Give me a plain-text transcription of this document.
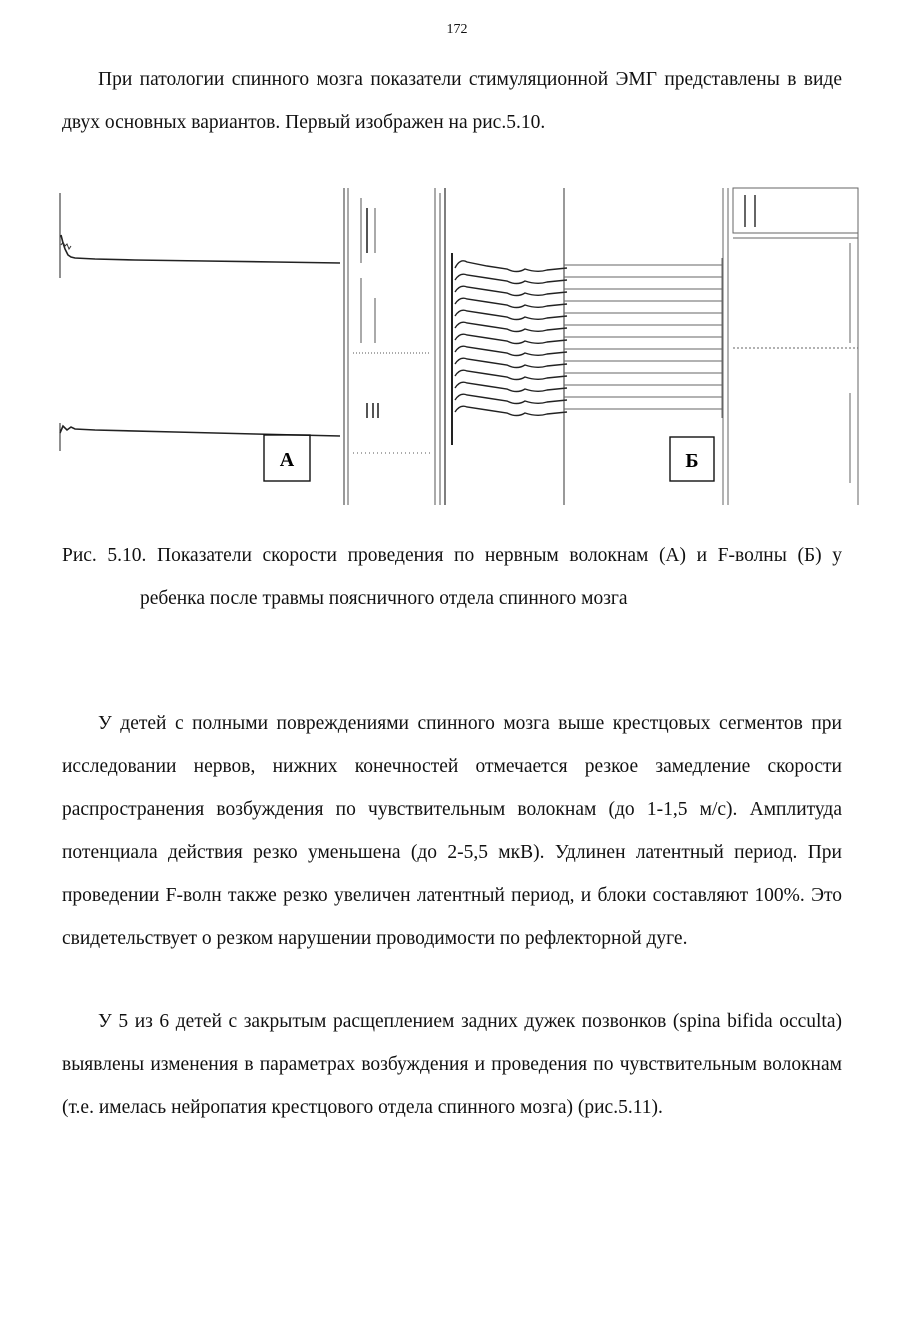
172

При патологии спинного мозга показатели стимуляционной ЭМГ представлены в виде двух основных вариантов. Первый изображен на рис.5.10.

А	Б
Рис. 5.10. Показатели скорости проведения по нервным волокнам (А) и F-волны (Б) у ребенка после травмы поясничного отдела спинного мозга

У детей с полными повреждениями спинного мозга выше крестцовых сегментов при исследовании нервов, нижних конечностей отмечается резкое замедление скорости распространения возбуждения по чувствительным волокнам (до 1-1,5 м/с). Амплитуда потенциала действия резко уменьшена (до 2-5,5 мкВ). Удлинен латентный период. При проведении F-волн также резко увеличен латентный период, и блоки составляют 100%. Это свидетельствует о резком нарушении проводимости по рефлекторной дуге.

У 5 из 6 детей с закрытым расщеплением задних дужек позвонков (spina bifida occulta) выявлены изменения в параметрах возбуждения и проведения по чувствительным волокнам (т.е. имелась нейропатия крестцового отдела спинного мозга) (рис.5.11).
